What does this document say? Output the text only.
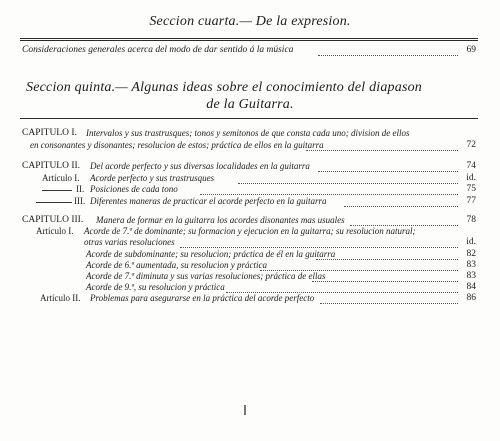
Seccion cuarta.— De la expresion.
Consideraciones generales acerca del modo de dar sentido á la música	69
Seccion quinta.— Algunas ideas sobre el conocimiento del diapason
de la Guitarra.
CAPITULO I. Intervalos y sus trastrusques; tonos y semitonos de que consta cada uno; division de ellos
en consonantes y disonantes; resolucion de estos; práctica de ellos en la guitarra	72
CAPITULO II. Del acorde perfecto y sus diversas localidades en la guitarra	74
Artículo I. Acorde perfecto y sus trastrusques	id.
II. Posiciones de cada tono	75
III. Diferentes maneras de practicar el acorde perfecto en la guitarra	77
CAPITULO III. Manera de formar en la guitarra los acordes disonantes mas usuales	78
Artículo I. Acorde de 7.ª de dominante; su formacion y ejecucion en la guitarra; su resolucion natural;
otras varias resoluciones	id.
Acorde de subdominante; su resolucion; práctica de él en la guitarra	82
Acorde de 6.ª aumentada, su resolucion y práctica	83
Acorde de 7.ª diminuta y sus varias resoluciones; práctica de ellas	83
Acorde de 9.ª, su resolucion y práctica	84
Artículo II. Problemas para asegurarse en la práctica del acorde perfecto	86
